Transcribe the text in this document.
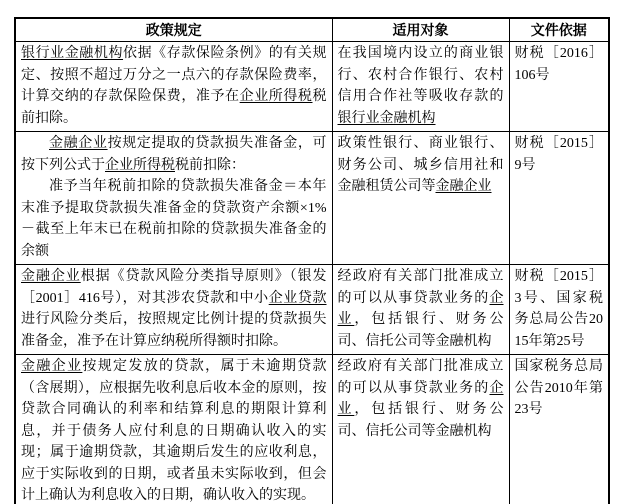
政策规定	适用对象	文件依据

银行业金融机构依据《存款保险条例》的有关规定、按照不超过万分之一点六的存款保险费率，计算交纳的存款保险保费，准予在企业所得税税前扣除。	在我国境内设立的商业银行、农村合作银行、农村信用合作社等吸收存款的银行业金融机构	财税［2016］106号

金融企业按规定提取的贷款损失准备金，可按下列公式于企业所得税税前扣除：
准予当年税前扣除的贷款损失准备金＝本年末准予提取贷款损失准备金的贷款资产余额×1%－截至上年末已在税前扣除的贷款损失准备金的余额	政策性银行、商业银行、财务公司、城乡信用社和金融租赁公司等金融企业	财税［2015］9号

金融企业根据《贷款风险分类指导原则》（银发［2001］416号），对其涉农贷款和中小企业贷款进行风险分类后，按照规定比例计提的贷款损失准备金，准予在计算应纳税所得额时扣除。	经政府有关部门批准成立的可以从事贷款业务的企业，包括银行、财务公司、信托公司等金融机构	财税［2015］3号、国家税务总局公告2015年第25号

金融企业按规定发放的贷款，属于未逾期贷款（含展期），应根据先收利息后收本金的原则，按贷款合同确认的利率和结算利息的期限计算利息，并于债务人应付利息的日期确认收入的实现；属于逾期贷款，其逾期后发生的应收利息，应于实际收到的日期，或者虽未实际收到，但会计上确认为利息收入的日期，确认收入的实现。	经政府有关部门批准成立的可以从事贷款业务的企业，包括银行、财务公司、信托公司等金融机构	国家税务总局公告2010年第23号
